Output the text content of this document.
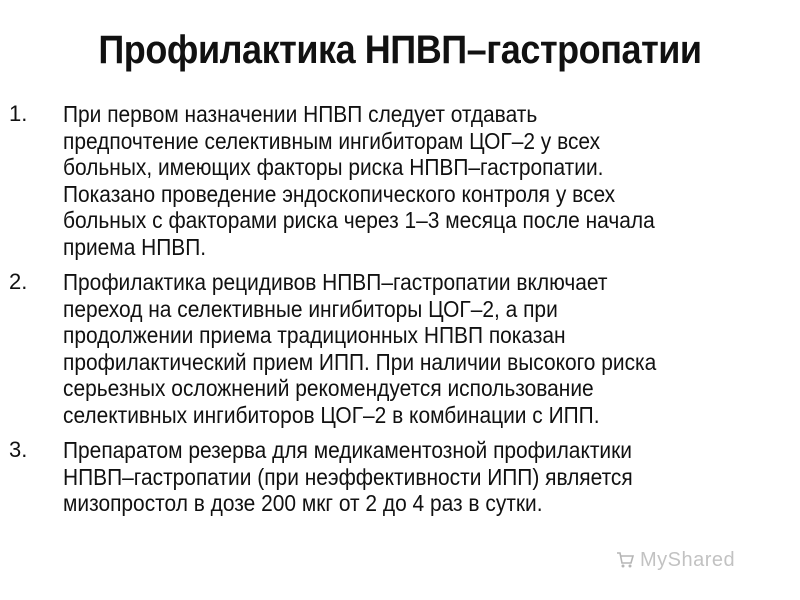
Профилактика НПВП–гастропатии
1. При первом назначении НПВП следует отдавать
предпочтение селективным ингибиторам ЦОГ–2 у всех
больных, имеющих факторы риска НПВП–гастропатии.
Показано проведение эндоскопического контроля у всех
больных с факторами риска через 1–3 месяца после начала
приема НПВП.
2. Профилактика рецидивов НПВП–гастропатии включает
переход на селективные ингибиторы ЦОГ–2, а при
продолжении приема традиционных НПВП показан
профилактический прием ИПП. При наличии высокого риска
серьезных осложнений рекомендуется использование
селективных ингибиторов ЦОГ–2 в комбинации с ИПП.
3. Препаратом резерва для медикаментозной профилактики
НПВП–гастропатии (при неэффективности ИПП) является
мизопростол в дозе 200 мкг от 2 до 4 раз в сутки.
MyShared
